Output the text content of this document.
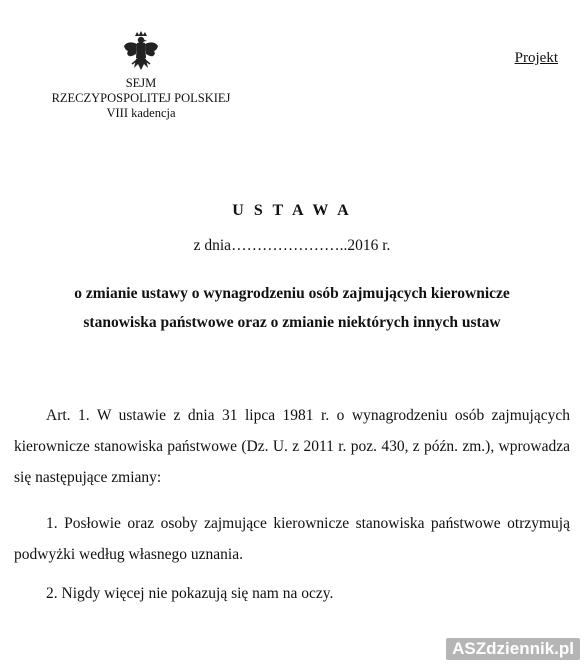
SEJM
RZECZYPOSPOLITEJ POLSKIEJ
VIII kadencja
Projekt
U S T A W A
z dnia…………………..2016 r.
o zmianie ustawy o wynagrodzeniu osób zajmujących kierownicze
stanowiska państwowe oraz o zmianie niektórych innych ustaw
Art. 1. W ustawie z dnia 31 lipca 1981 r. o wynagrodzeniu osób zajmujących kierownicze stanowiska państwowe (Dz. U. z 2011 r. poz. 430, z późn. zm.), wprowadza się następujące zmiany:
1. Posłowie oraz osoby zajmujące kierownicze stanowiska państwowe otrzymują podwyżki według własnego uznania.
2. Nigdy więcej nie pokazują się nam na oczy.
ASZdziennik.pl
